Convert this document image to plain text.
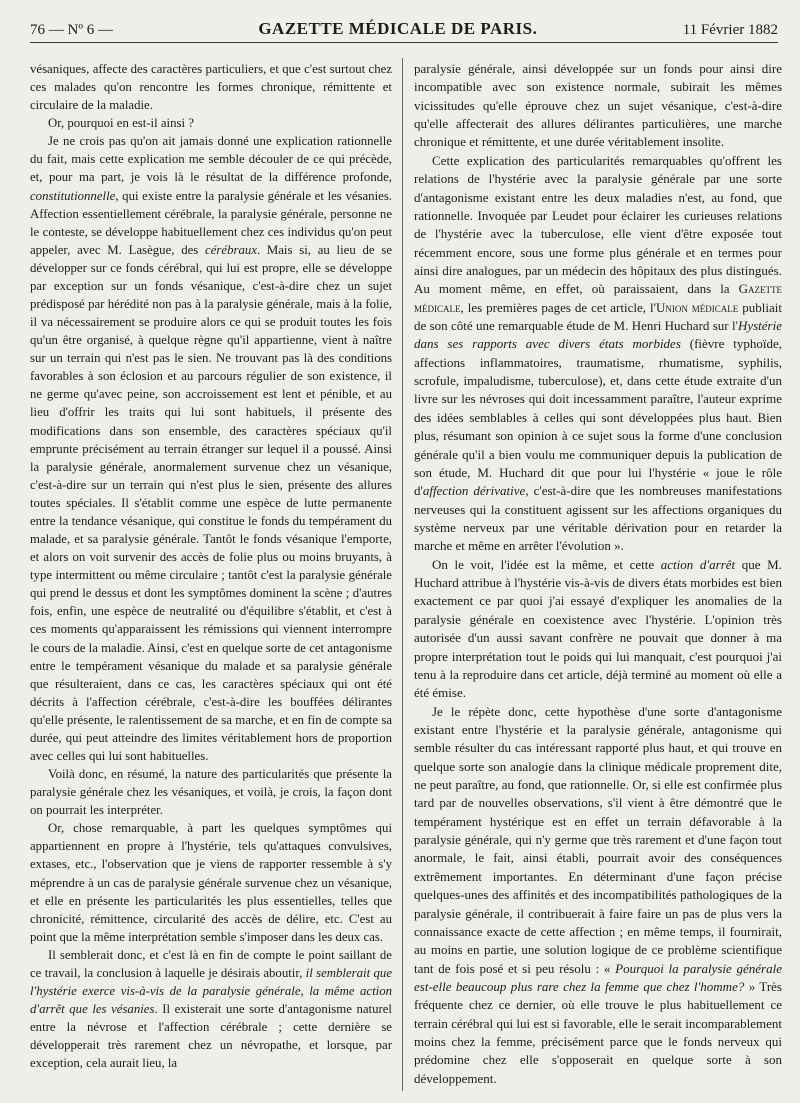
76 — Nº 6 —	GAZETTE MÉDICALE DE PARIS.	11 Février 1882

vésaniques, affecte des caractères particuliers, et que c'est surtout chez ces malades qu'on rencontre les formes chronique, rémittente et circulaire de la maladie.

Or, pourquoi en est-il ainsi ?

Je ne crois pas qu'on ait jamais donné une explication rationnelle du fait, mais cette explication me semble découler de ce qui précède, et, pour ma part, je vois là le résultat de la différence profonde, constitutionnelle, qui existe entre la paralysie générale et les vésanies. Affection essentiellement cérébrale, la paralysie générale, personne ne le conteste, se développe habituellement chez ces individus qu'on peut appeler, avec M. Lasègue, des cérébraux. Mais si, au lieu de se développer sur ce fonds cérébral, qui lui est propre, elle se développe par exception sur un fonds vésanique, c'est-à-dire chez un sujet prédisposé par hérédité non pas à la paralysie générale, mais à la folie, il va nécessairement se produire alors ce qui se produit toutes les fois qu'un être organisé, à quelque règne qu'il appartienne, vient à naître sur un terrain qui n'est pas le sien. Ne trouvant pas là des conditions favorables à son éclosion et au parcours régulier de son existence, il ne germe qu'avec peine, son accroissement est lent et pénible, et au lieu d'offrir les traits qui lui sont habituels, il présente des modifications dans son ensemble, des caractères spéciaux qu'il emprunte précisément au terrain étranger sur lequel il a poussé. Ainsi la paralysie générale, anormalement survenue chez un vésanique, c'est-à-dire sur un terrain qui n'est plus le sien, présente des allures toutes spéciales. Il s'établit comme une espèce de lutte permanente entre la tendance vésanique, qui constitue le fonds du tempérament du malade, et sa paralysie générale. Tantôt le fonds vésanique l'emporte, et alors on voit survenir des accès de folie plus ou moins bruyants, à type intermittent ou même circulaire ; tantôt c'est la paralysie générale qui prend le dessus et dont les symptômes dominent la scène ; d'autres fois, enfin, une espèce de neutralité ou d'équilibre s'établit, et c'est à ces moments qu'apparaissent les rémissions qui viennent interrompre le cours de la maladie. Ainsi, c'est en quelque sorte de cet antagonisme entre le tempérament vésanique du malade et sa paralysie générale que résulteraient, dans ce cas, les caractères spéciaux qui ont été décrits à l'affection cérébrale, c'est-à-dire les bouffées délirantes qu'elle présente, le ralentissement de sa marche, et en fin de compte sa durée, qui peut atteindre des limites véritablement hors de proportion avec celles qui lui sont habituelles.

Voilà donc, en résumé, la nature des particularités que présente la paralysie générale chez les vésaniques, et voilà, je crois, la façon dont on pourrait les interpréter.

Or, chose remarquable, à part les quelques symptômes qui appartiennent en propre à l'hystérie, tels qu'attaques convulsives, extases, etc., l'observation que je viens de rapporter ressemble à s'y méprendre à un cas de paralysie générale survenue chez un vésanique, et elle en présente les particularités les plus essentielles, telles que chronicité, rémittence, circularité des accès de délire, etc. C'est au point que la même interprétation semble s'imposer dans les deux cas.

Il semblerait donc, et c'est là en fin de compte le point saillant de ce travail, la conclusion à laquelle je désirais aboutir, il semblerait que l'hystérie exerce vis-à-vis de la paralysie générale, la même action d'arrêt que les vésanies. Il existerait une sorte d'antagonisme naturel entre la névrose et l'affection cérébrale ; cette dernière se développerait très rarement chez un névropathe, et lorsque, par exception, cela aurait lieu, la

paralysie générale, ainsi développée sur un fonds pour ainsi dire incompatible avec son existence normale, subirait les mêmes vicissitudes qu'elle éprouve chez un sujet vésanique, c'est-à-dire qu'elle affecterait des allures délirantes particulières, une marche chronique et rémittente, et une durée véritablement insolite.

Cette explication des particularités remarquables qu'offrent les relations de l'hystérie avec la paralysie générale par une sorte d'antagonisme existant entre les deux maladies n'est, au fond, que rationnelle. Invoquée par Leudet pour éclairer les curieuses relations de l'hystérie avec la tuberculose, elle vient d'être exposée tout récemment encore, sous une forme plus générale et en termes pour ainsi dire analogues, par un médecin des hôpitaux des plus distingués. Au moment même, en effet, où paraissaient, dans la Gazette médicale, les premières pages de cet article, l'Union médicale publiait de son côté une remarquable étude de M. Henri Huchard sur l'Hystérie dans ses rapports avec divers états morbides (fièvre typhoïde, affections inflammatoires, traumatisme, rhumatisme, syphilis, scrofule, impaludisme, tuberculose), et, dans cette étude extraite d'un livre sur les névroses qui doit incessamment paraître, l'auteur exprime des idées semblables à celles qui sont développées plus haut. Bien plus, résumant son opinion à ce sujet sous la forme d'une conclusion générale qu'il a bien voulu me communiquer depuis la publication de son étude, M. Huchard dit que pour lui l'hystérie « joue le rôle d'affection dérivative, c'est-à-dire que les nombreuses manifestations nerveuses qui la constituent agissent sur les affections organiques du système nerveux par une véritable dérivation pour en retarder la marche et même en arrêter l'évolution ».

On le voit, l'idée est la même, et cette action d'arrêt que M. Huchard attribue à l'hystérie vis-à-vis de divers états morbides est bien exactement ce par quoi j'ai essayé d'expliquer les anomalies de la paralysie générale en coexistence avec l'hystérie. L'opinion très autorisée d'un aussi savant confrère ne pouvait que donner à ma propre interprétation tout le poids qui lui manquait, c'est pourquoi j'ai tenu à la reproduire dans cet article, déjà terminé au moment où elle a été émise.

Je le répète donc, cette hypothèse d'une sorte d'antagonisme existant entre l'hystérie et la paralysie générale, antagonisme qui semble résulter du cas intéressant rapporté plus haut, et qui trouve en quelque sorte son analogie dans la clinique médicale proprement dite, ne peut paraître, au fond, que rationnelle. Or, si elle est confirmée plus tard par de nouvelles observations, s'il vient à être démontré que le tempérament hystérique est en effet un terrain défavorable à la paralysie générale, qui n'y germe que très rarement et d'une façon tout anormale, le fait, ainsi établi, pourrait avoir des conséquences extrêmement importantes. En déterminant d'une façon précise quelques-unes des affinités et des incompatibilités pathologiques de la paralysie générale, il contribuerait à faire faire un pas de plus vers la connaissance exacte de cette affection ; en même temps, il fournirait, au moins en partie, une solution logique de ce problème scientifique tant de fois posé et si peu résolu : « Pourquoi la paralysie générale est-elle beaucoup plus rare chez la femme que chez l'homme? » Très fréquente chez ce dernier, où elle trouve le plus habituellement ce terrain cérébral qui lui est si favorable, elle le serait incomparablement moins chez la femme, précisément parce que le fonds nerveux qui prédomine chez elle s'opposerait en quelque sorte à son développement.
